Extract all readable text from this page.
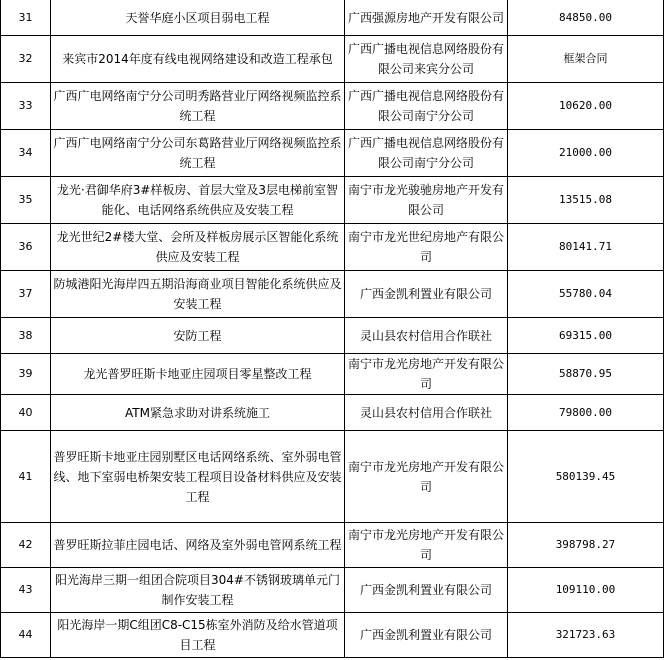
31	天誉华庭小区项目弱电工程	广西强源房地产开发有限公司	84850.00
32	来宾市2014年度有线电视网络建设和改造工程承包	广西广播电视信息网络股份有限公司来宾分公司	框架合同
33	广西广电网络南宁分公司明秀路营业厅网络视频监控系统工程	广西广播电视信息网络股份有限公司南宁分公司	10620.00
34	广西广电网络南宁分公司东葛路营业厅网络视频监控系统工程	广西广播电视信息网络股份有限公司南宁分公司	21000.00
35	龙光·君御华府3#样板房、首层大堂及3层电梯前室智能化、电话网络系统供应及安装工程	南宁市龙光骏驰房地产开发有限公司	13515.08
36	龙光世纪2#楼大堂、会所及样板房展示区智能化系统供应及安装工程	南宁市龙光世纪房地产有限公司	80141.71
37	防城港阳光海岸四五期沿海商业项目智能化系统供应及安装工程	广西金凯利置业有限公司	55780.04
38	安防工程	灵山县农村信用合作联社	69315.00
39	龙光普罗旺斯卡地亚庄园项目零星整改工程	南宁市龙光房地产开发有限公司	58870.95
40	ATM紧急求助对讲系统施工	灵山县农村信用合作联社	79800.00
41	普罗旺斯卡地亚庄园别墅区电话网络系统、室外弱电管线、地下室弱电桥架安装工程项目设备材料供应及安装工程	南宁市龙光房地产开发有限公司	580139.45
42	普罗旺斯拉菲庄园电话、网络及室外弱电管网系统工程	南宁市龙光房地产开发有限公司	398798.27
43	阳光海岸三期一组团合院项目304#不锈钢玻璃单元门制作安装工程	广西金凯利置业有限公司	109110.00
44	阳光海岸一期C组团C8-C15栋室外消防及给水管道项目工程	广西金凯利置业有限公司	321723.63
